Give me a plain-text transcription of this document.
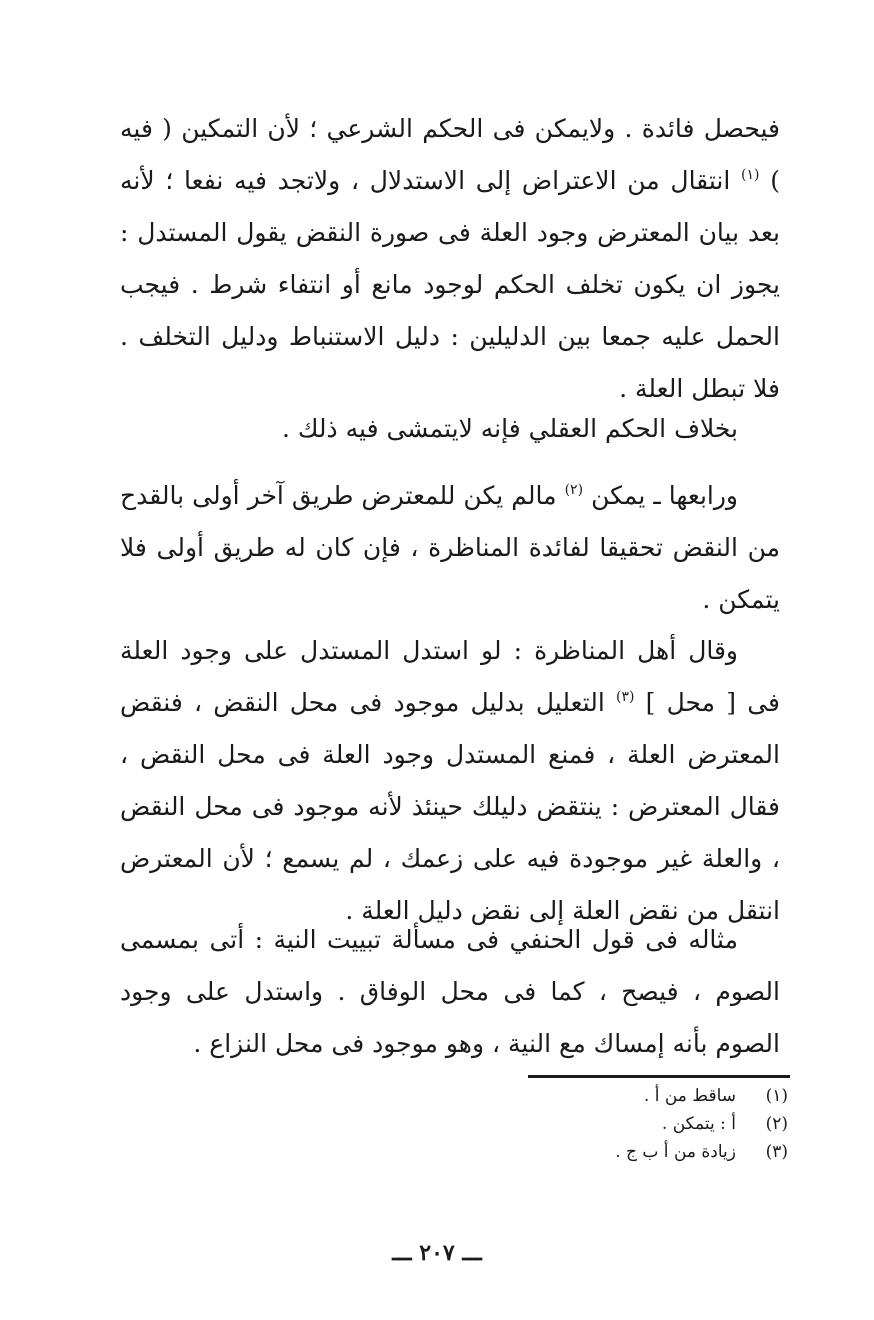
فيحصل فائدة . ولايمكن فى الحكم الشرعي ؛ لأن التمكين ( فيه ) $^{(١)}$ انتقال من الاعتراض إلى الاستدلال ، ولاتجد فيه نفعا ؛ لأنه بعد بيان المعترض وجود العلة فى صورة النقض يقول المستدل : يجوز ان يكون تخلف الحكم لوجود مانع أو انتفاء شرط . فيجب الحمل عليه جمعا بين الدليلين : دليل الاستنباط ودليل التخلف . فلا تبطل العلة .
بخلاف الحكم العقلي فإنه لايتمشى فيه ذلك .
ورابعها ـ يمكن $^{(٢)}$ مالم يكن للمعترض طريق آخر أولى بالقدح من النقض تحقيقا لفائدة المناظرة ، فإن كان له طريق أولى فلا يتمكن .
وقال أهل المناظرة : لو استدل المستدل على وجود العلة فى [ محل ] $^{(٣)}$ التعليل بدليل موجود فى محل النقض ، فنقض المعترض العلة ، فمنع المستدل وجود العلة فى محل النقض ، فقال المعترض : ينتقض دليلك حينئذ لأنه موجود فى محل النقض ، والعلة غير موجودة فيه على زعمك ، لم يسمع ؛ لأن المعترض انتقل من نقض العلة إلى نقض دليل العلة .
مثاله فى قول الحنفي فى مسألة تبييت النية : أتى بمسمى الصوم ، فيصح ، كما فى محل الوفاق . واستدل على وجود الصوم بأنه إمساك مع النية ، وهو موجود فى محل النزاع .
(١)
ساقط من أ .
(٢)
أ : يتمكن .
(٣)
زيادة من أ ب ج .
ـــ ٢٠٧ ـــ
